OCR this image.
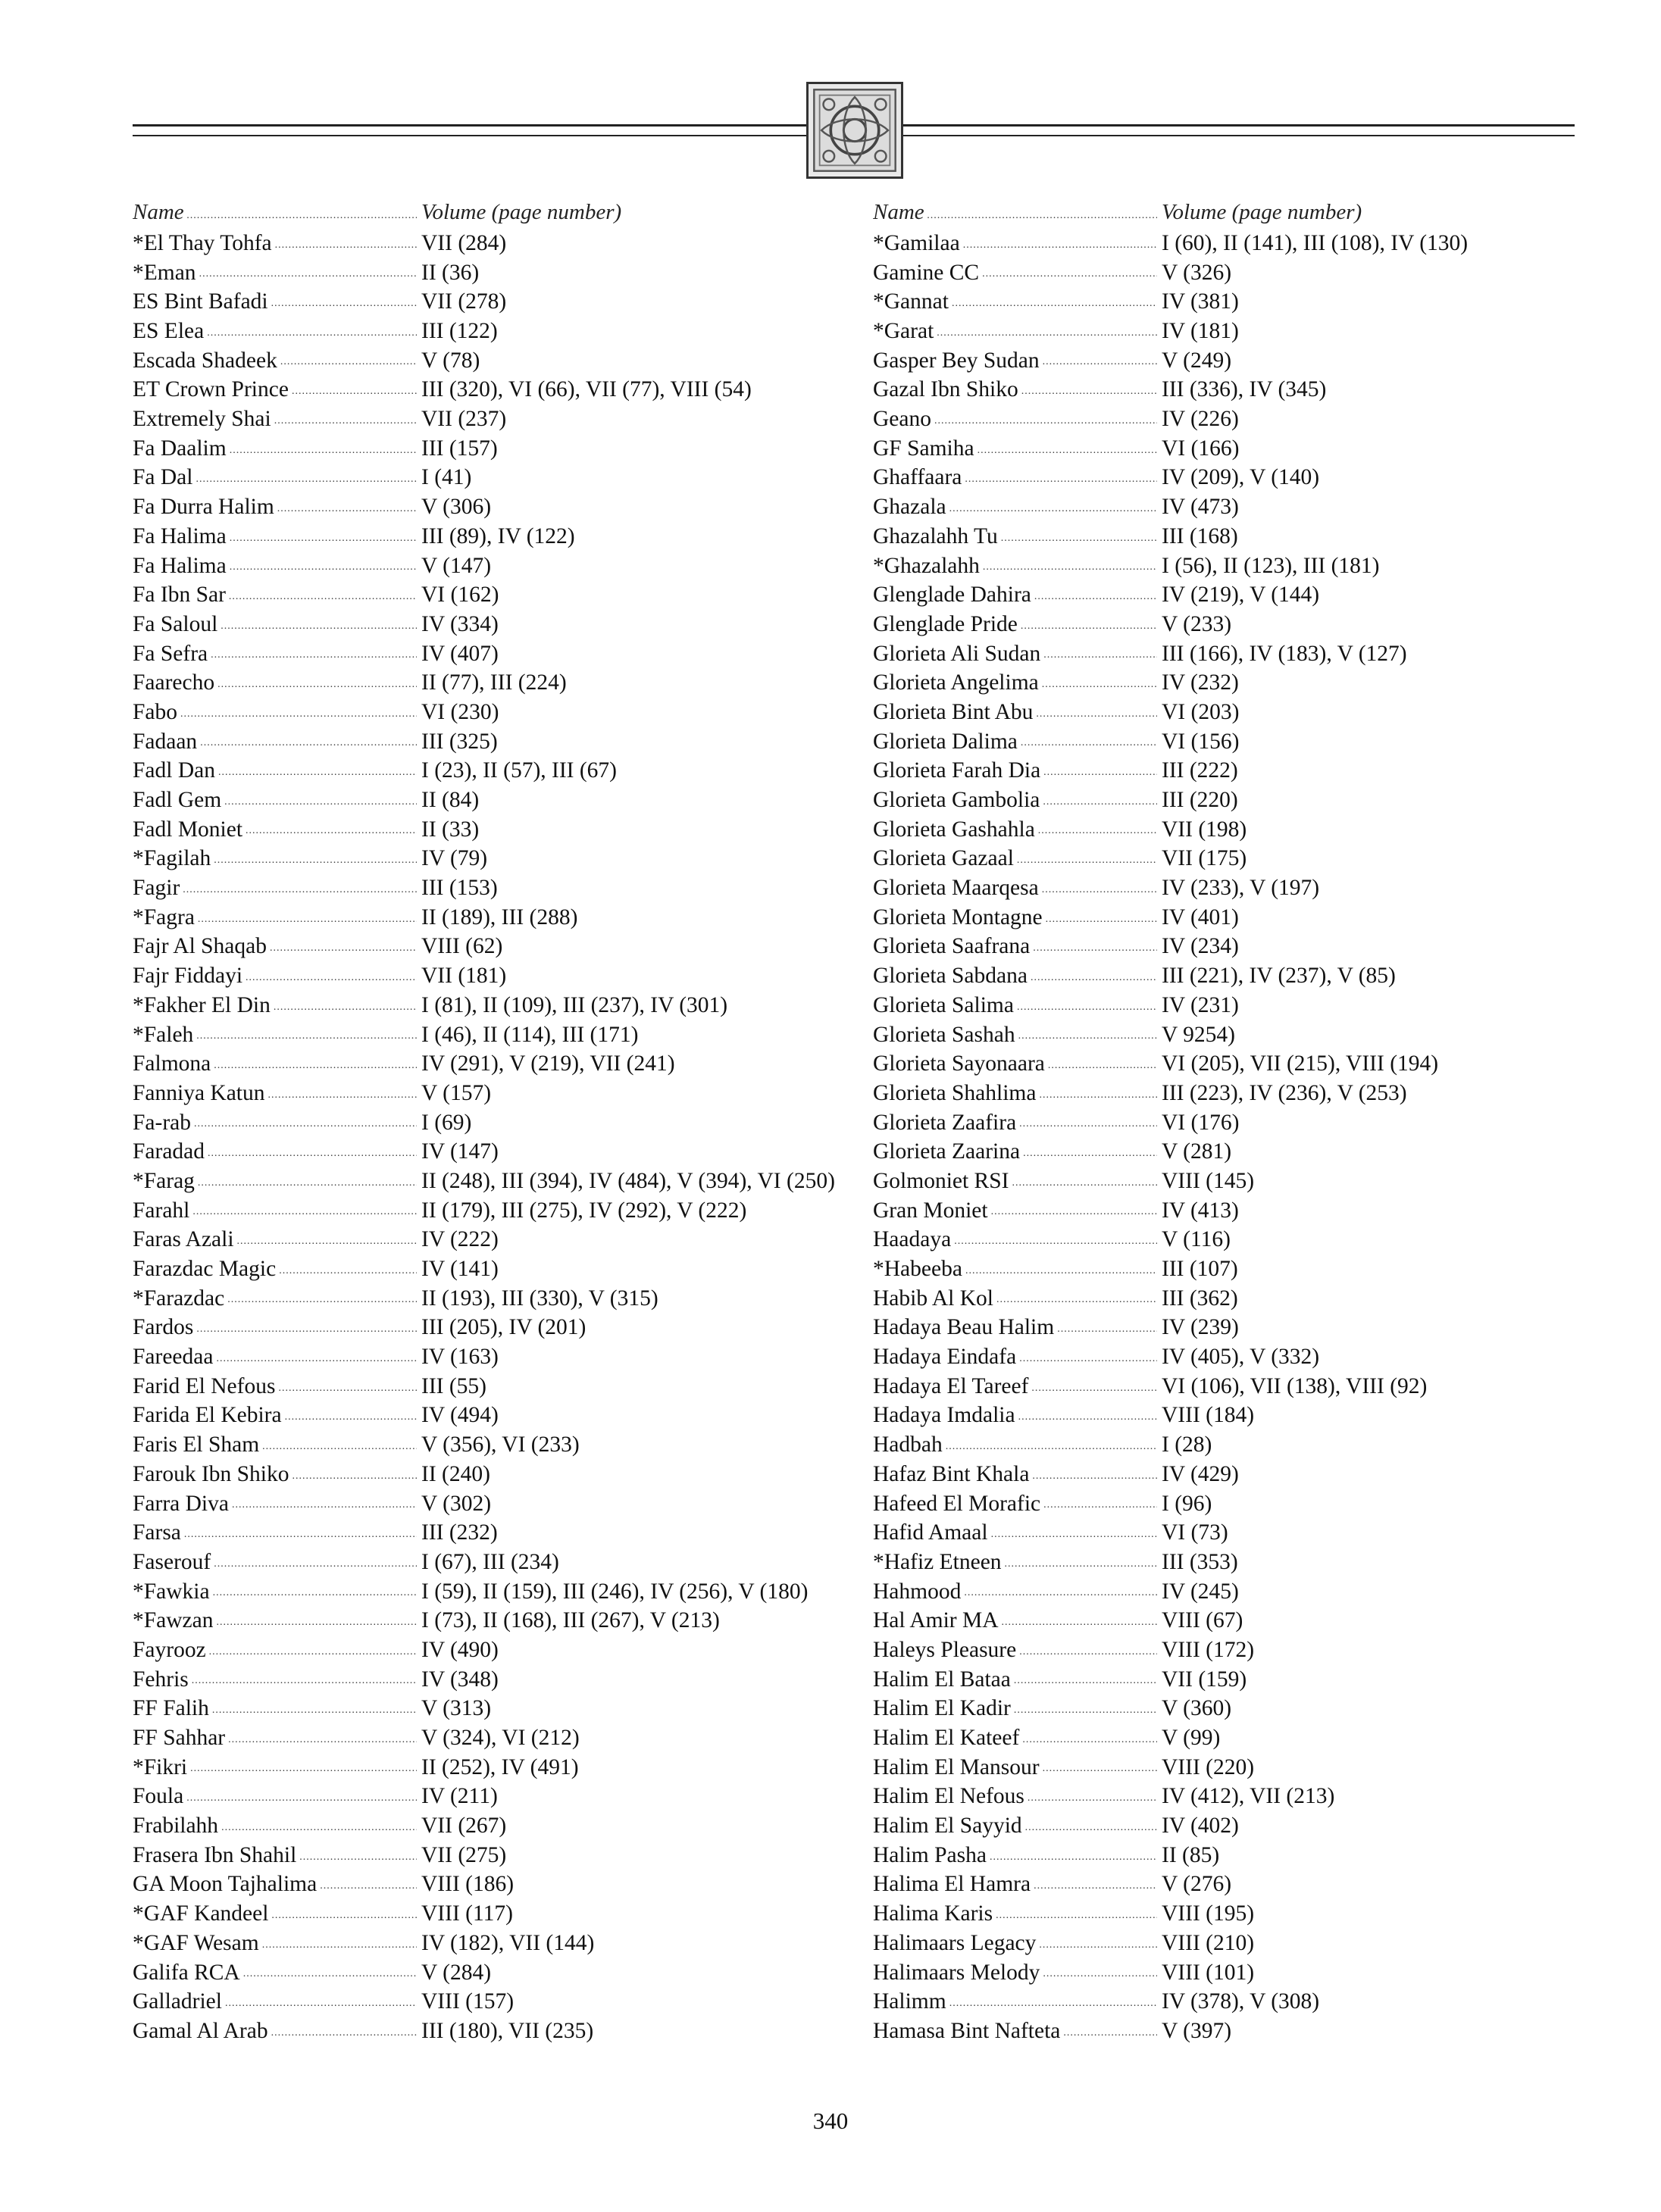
Name .....	Volume (page number)
*El Thay Tohfa .....	VII (284)
*Eman .....	II (36)
ES Bint Bafadi .....	VII (278)
ES Elea .....	III (122)
Escada Shadeek .....	V (78)
ET Crown Prince .....	III (320), VI (66), VII (77), VIII (54)
Extremely Shai .....	VII (237)
Fa Daalim .....	III (157)
Fa Dal .....	I (41)
Fa Durra Halim .....	V (306)
Fa Halima .....	III (89), IV (122)
Fa Halima .....	V (147)
Fa Ibn Sar .....	VI (162)
Fa Saloul .....	IV (334)
Fa Sefra .....	IV (407)
Faarecho .....	II (77), III (224)
Fabo .....	VI (230)
Fadaan .....	III (325)
Fadl Dan .....	I (23), II (57), III (67)
Fadl Gem .....	II (84)
Fadl Moniet .....	II (33)
*Fagilah .....	IV (79)
Fagir .....	III (153)
*Fagra .....	II (189), III (288)
Fajr Al Shaqab .....	VIII (62)
Fajr Fiddayi .....	VII (181)
*Fakher El Din .....	I (81), II (109), III (237), IV (301)
*Faleh .....	I (46), II (114), III (171)
Falmona .....	IV (291), V (219), VII (241)
Fanniya Katun .....	V (157)
Fa-rab .....	I (69)
Faradad .....	IV (147)
*Farag .....	II (248), III (394), IV (484), V (394), VI (250)
Farahl .....	II (179), III (275), IV (292), V (222)
Faras Azali .....	IV (222)
Farazdac Magic .....	IV (141)
*Farazdac .....	II (193), III (330), V (315)
Fardos .....	III (205), IV (201)
Fareedaa .....	IV (163)
Farid El Nefous .....	III (55)
Farida El Kebira .....	IV (494)
Faris El Sham .....	V (356), VI (233)
Farouk Ibn Shiko .....	II (240)
Farra Diva .....	V (302)
Farsa .....	III (232)
Faserouf .....	I (67), III (234)
*Fawkia .....	I (59), II (159), III (246), IV (256), V (180)
*Fawzan .....	I (73), II (168), III (267), V (213)
Fayrooz .....	IV (490)
Fehris .....	IV (348)
FF Falih .....	V (313)
FF Sahhar .....	V (324), VI (212)
*Fikri .....	II (252), IV (491)
Foula .....	IV (211)
Frabilahh .....	VII (267)
Frasera Ibn Shahil .....	VII (275)
GA Moon Tajhalima .....	VIII (186)
*GAF Kandeel .....	VIII (117)
*GAF Wesam .....	IV (182), VII (144)
Galifa RCA .....	V (284)
Galladriel .....	VIII (157)
Gamal Al Arab .....	III (180), VII (235)
Name .....	Volume (page number)
*Gamilaa .....	I (60), II (141), III (108), IV (130)
Gamine CC .....	V (326)
*Gannat .....	IV (381)
*Garat .....	IV (181)
Gasper Bey Sudan .....	V (249)
Gazal Ibn Shiko .....	III (336), IV (345)
Geano .....	IV (226)
GF Samiha .....	VI (166)
Ghaffaara .....	IV (209), V (140)
Ghazala .....	IV (473)
Ghazalahh Tu .....	III (168)
*Ghazalahh .....	I (56), II (123), III (181)
Glenglade Dahira .....	IV (219), V (144)
Glenglade Pride .....	V (233)
Glorieta Ali Sudan .....	III (166), IV (183), V (127)
Glorieta Angelima .....	IV (232)
Glorieta Bint Abu .....	VI (203)
Glorieta Dalima .....	VI (156)
Glorieta Farah Dia .....	III (222)
Glorieta Gambolia .....	III (220)
Glorieta Gashahla .....	VII (198)
Glorieta Gazaal .....	VII (175)
Glorieta Maarqesa .....	IV (233), V (197)
Glorieta Montagne .....	IV (401)
Glorieta Saafrana .....	IV (234)
Glorieta Sabdana .....	III (221), IV (237), V (85)
Glorieta Salima .....	IV (231)
Glorieta Sashah .....	V 9254)
Glorieta Sayonaara .....	VI (205), VII (215), VIII (194)
Glorieta Shahlima .....	III (223), IV (236), V (253)
Glorieta Zaafira .....	VI (176)
Glorieta Zaarina .....	V (281)
Golmoniet RSI .....	VIII (145)
Gran Moniet .....	IV (413)
Haadaya .....	V (116)
*Habeeba .....	III (107)
Habib Al Kol .....	III (362)
Hadaya Beau Halim .....	IV (239)
Hadaya Eindafa .....	IV (405), V (332)
Hadaya El Tareef .....	VI (106), VII (138), VIII (92)
Hadaya Imdalia .....	VIII (184)
Hadbah .....	I (28)
Hafaz Bint Khala .....	IV (429)
Hafeed El Morafic .....	I (96)
Hafid Amaal .....	VI (73)
*Hafiz Etneen .....	III (353)
Hahmood .....	IV (245)
Hal Amir MA .....	VIII (67)
Haleys Pleasure .....	VIII (172)
Halim El Bataa .....	VII (159)
Halim El Kadir .....	V (360)
Halim El Kateef .....	V (99)
Halim El Mansour .....	VIII (220)
Halim El Nefous .....	IV (412), VII (213)
Halim El Sayyid .....	IV (402)
Halim Pasha .....	II (85)
Halima El Hamra .....	V (276)
Halima Karis .....	VIII (195)
Halimaars Legacy .....	VIII (210)
Halimaars Melody .....	VIII (101)
Halimm .....	IV (378), V (308)
Hamasa Bint Nafteta .....	V (397)
340
